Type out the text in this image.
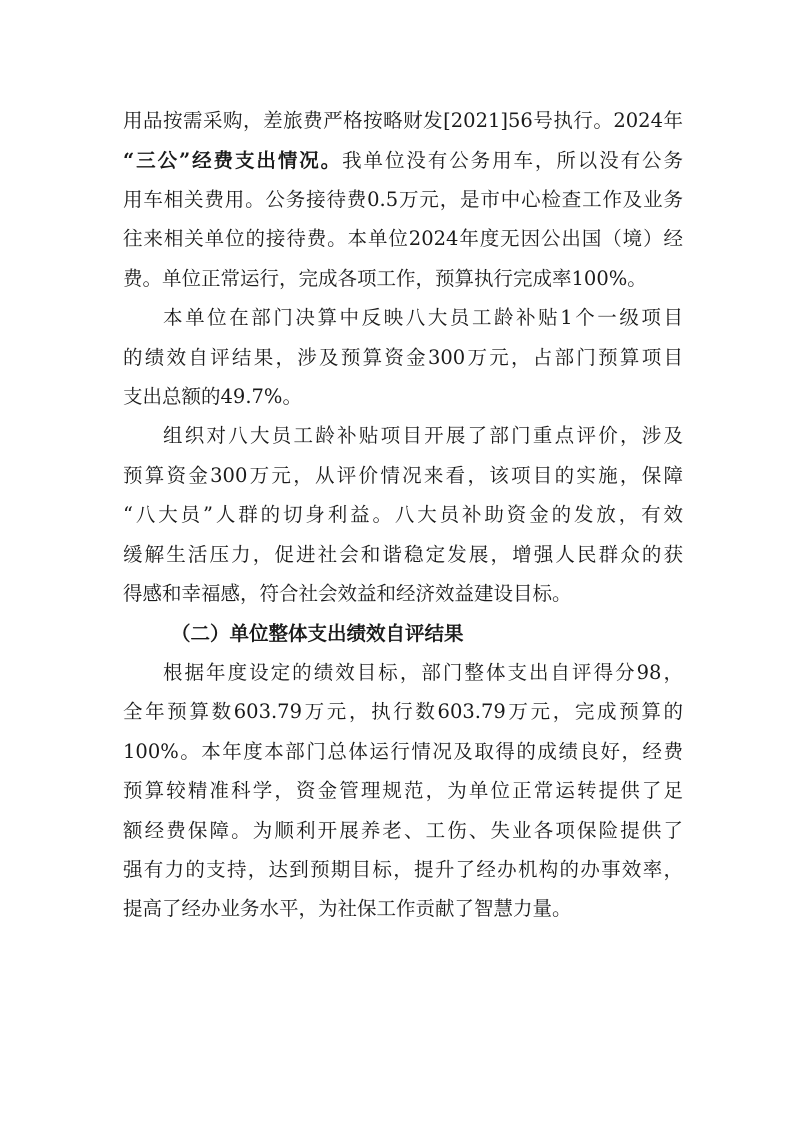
用品按需采购，差旅费严格按略财发[2021]56号执行。2024年
“三公”经费支出情况。我单位没有公务用车，所以没有公务
用车相关费用。公务接待费0.5万元，是市中心检查工作及业务
往来相关单位的接待费。本单位2024年度无因公出国（境）经
费。单位正常运行，完成各项工作，预算执行完成率100%。
本单位在部门决算中反映八大员工龄补贴1个一级项目
的绩效自评结果，涉及预算资金300万元，占部门预算项目
支出总额的49.7%。
组织对八大员工龄补贴项目开展了部门重点评价，涉及
预算资金300万元，从评价情况来看，该项目的实施，保障
“八大员”人群的切身利益。八大员补助资金的发放，有效
缓解生活压力，促进社会和谐稳定发展，增强人民群众的获
得感和幸福感，符合社会效益和经济效益建设目标。
（二）单位整体支出绩效自评结果
根据年度设定的绩效目标，部门整体支出自评得分98，
全年预算数603.79万元，执行数603.79万元，完成预算的
100%。本年度本部门总体运行情况及取得的成绩良好，经费
预算较精准科学，资金管理规范，为单位正常运转提供了足
额经费保障。为顺利开展养老、工伤、失业各项保险提供了
强有力的支持，达到预期目标，提升了经办机构的办事效率，
提高了经办业务水平，为社保工作贡献了智慧力量。
